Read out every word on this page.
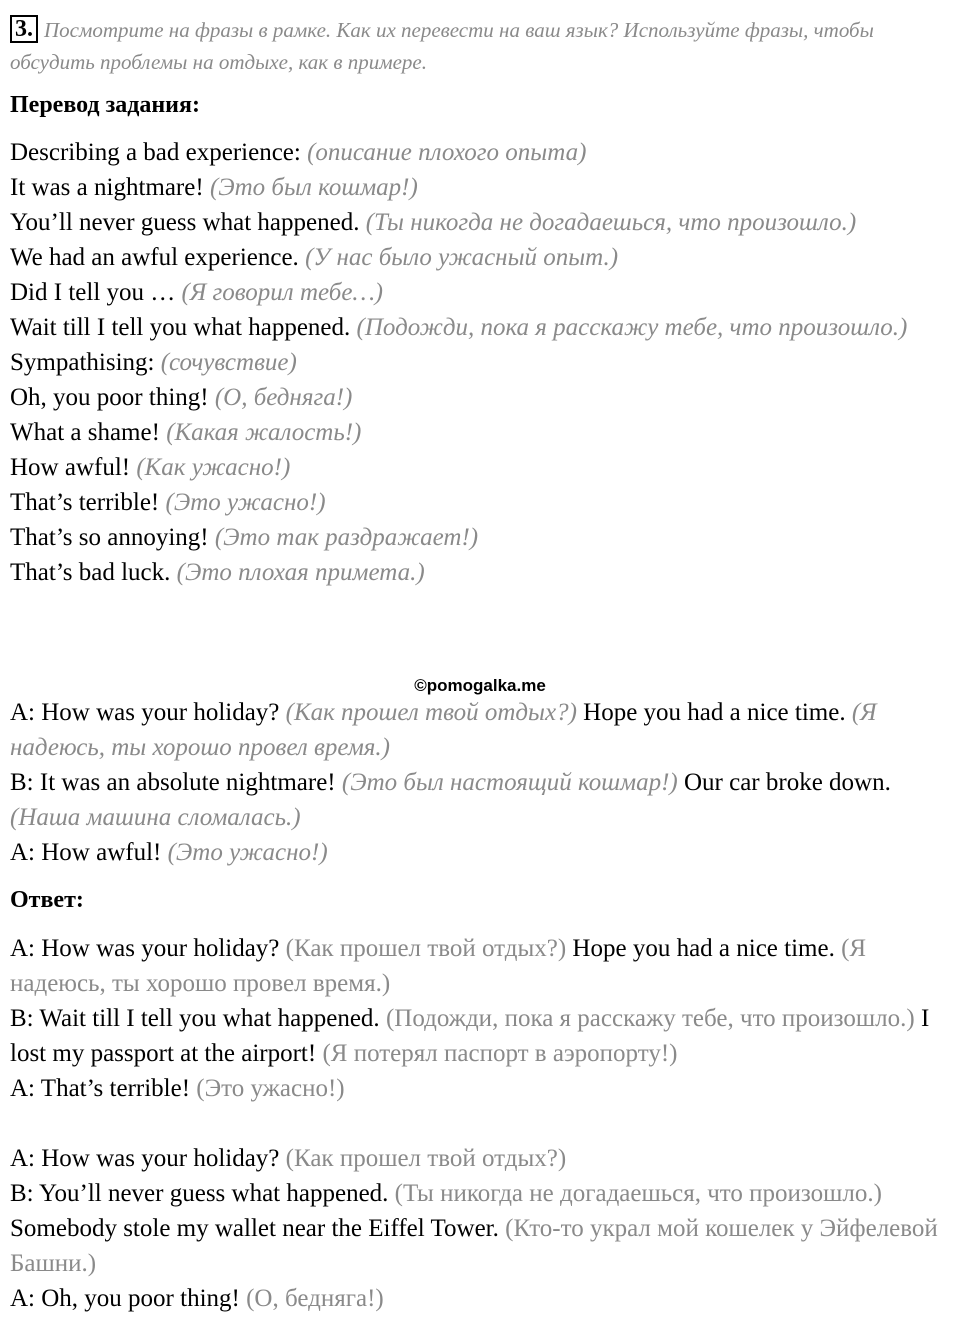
3. Посмотрите на фразы в рамке. Как их перевести на ваш язык? Используйте фразы, чтобы обсудить проблемы на отдыхе, как в примере.
Перевод задания:
Describing a bad experience: (описание плохого опыта)
It was a nightmare! (Это был кошмар!)
You’ll never guess what happened. (Ты никогда не догадаешься, что произошло.)
We had an awful experience. (У нас было ужасный опыт.)
Did I tell you … (Я говорил тебе…)
Wait till I tell you what happened. (Подожди, пока я расскажу тебе, что произошло.)
Sympathising: (сочувствие)
Oh, you poor thing! (О, бедняга!)
What a shame! (Какая жалость!)
How awful! (Как ужасно!)
That’s terrible! (Это ужасно!)
That’s so annoying! (Это так раздражает!)
That’s bad luck. (Это плохая примета.)
©pomogalka.me
A: How was your holiday? (Как прошел твой отдых?) Hope you had a nice time. (Я надеюсь, ты хорошо провел время.)
B: It was an absolute nightmare! (Это был настоящий кошмар!) Our car broke down. (Наша машина сломалась.)
A: How awful! (Это ужасно!)
Ответ:
A: How was your holiday? (Как прошел твой отдых?) Hope you had a nice time. (Я надеюсь, ты хорошо провел время.)
B: Wait till I tell you what happened. (Подожди, пока я расскажу тебе, что произошло.) I lost my passport at the airport! (Я потерял паспорт в аэропорту!)
A: That’s terrible! (Это ужасно!)
A: How was your holiday? (Как прошел твой отдых?)
B: You’ll never guess what happened. (Ты никогда не догадаешься, что произошло.) Somebody stole my wallet near the Eiffel Tower. (Кто-то украл мой кошелек у Эйфелевой Башни.)
A: Oh, you poor thing! (О, бедняга!)
